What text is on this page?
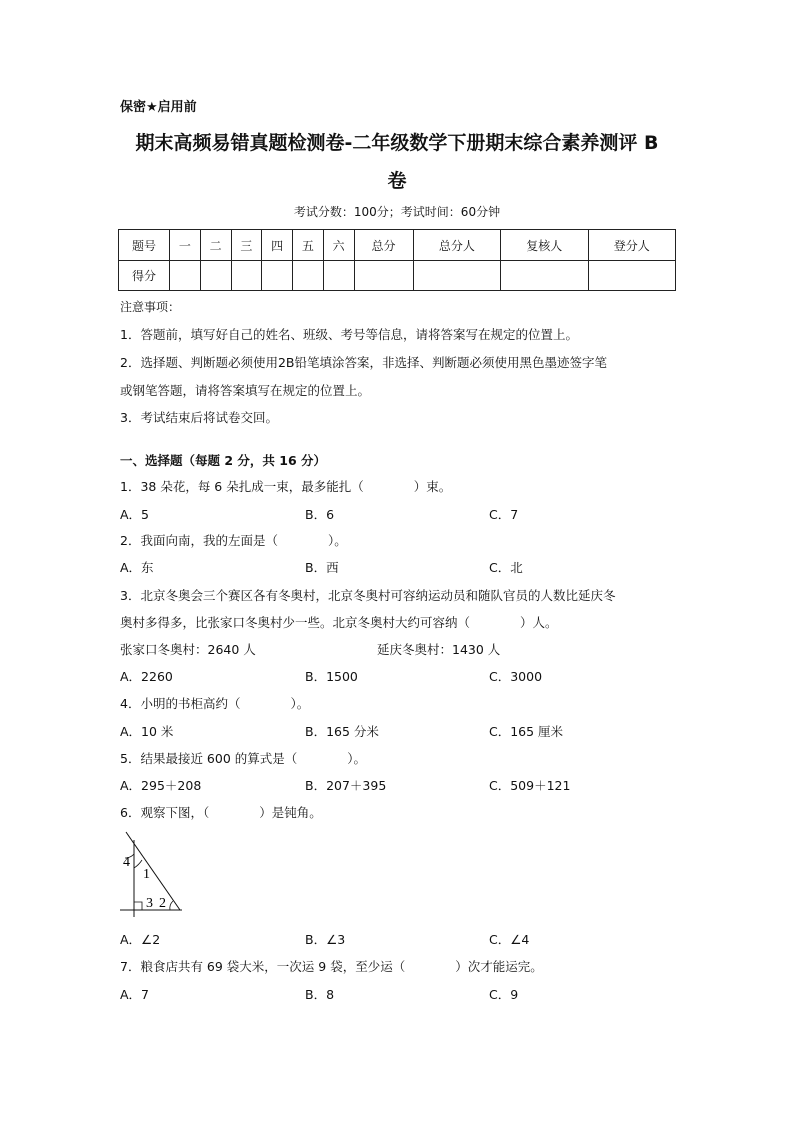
保密★启用前
期末高频易错真题检测卷-二年级数学下册期末综合素养测评 B
卷
考试分数：100分；考试时间：60分钟
题号	一	二	三	四	五	六	总分	总分人	复核人	登分人
得分										
注意事项：
1．答题前，填写好自己的姓名、班级、考号等信息，请将答案写在规定的位置上。
2．选择题、判断题必须使用2B铅笔填涂答案，非选择、判断题必须使用黑色墨迹签字笔
或钢笔答题，请将答案填写在规定的位置上。
3．考试结束后将试卷交回。
一、选择题（每题 2 分，共 16 分）
1．38 朵花，每 6 朵扎成一束，最多能扎（　　　　）束。
A．5	B．6	C．7
2．我面向南，我的左面是（　　　　）。
A．东	B．西	C．北
3．北京冬奥会三个赛区各有冬奥村，北京冬奥村可容纳运动员和随队官员的人数比延庆冬
奥村多得多，比张家口冬奥村少一些。北京冬奥村大约可容纳（　　　　）人。
张家口冬奥村：2640 人	延庆冬奥村：1430 人
A．2260	B．1500	C．3000
4．小明的书柜高约（　　　　）。
A．10 米	B．165 分米	C．165 厘米
5．结果最接近 600 的算式是（　　　　）。
A．295＋208	B．207＋395	C．509＋121
6．观察下图，（　　　　）是钝角。
4
1
3 2
A．∠2	B．∠3	C．∠4
7．粮食店共有 69 袋大米，一次运 9 袋，至少运（　　　　）次才能运完。
A．7	B．8	C．9
